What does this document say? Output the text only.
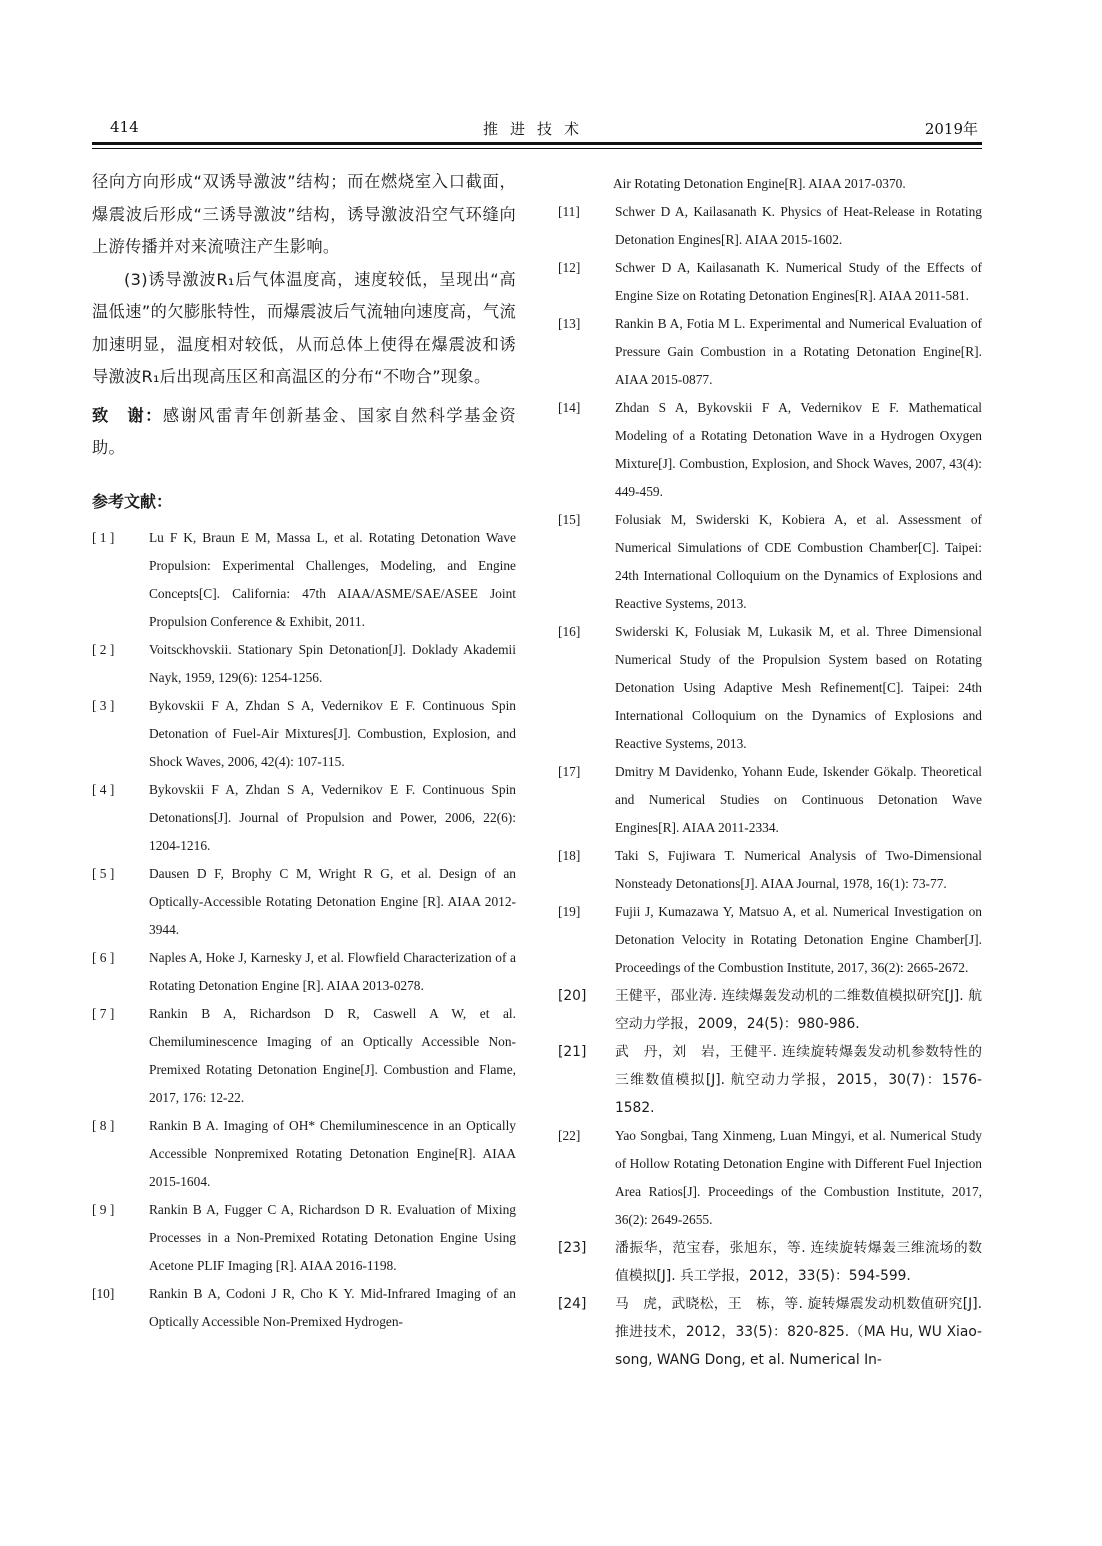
414	推进技术	2019年

径向方向形成“双诱导激波”结构；而在燃烧室入口截面，爆震波后形成“三诱导激波”结构，诱导激波沿空气环缝向上游传播并对来流喷注产生影响。

(3)诱导激波R₁后气体温度高，速度较低，呈现出“高温低速”的欠膨胀特性，而爆震波后气流轴向速度高，气流加速明显，温度相对较低，从而总体上使得在爆震波和诱导激波R₁后出现高压区和高温区的分布“不吻合”现象。

致　谢：感谢风雷青年创新基金、国家自然科学基金资助。

参考文献：

[ 1 ]	Lu F K, Braun E M, Massa L, et al. Rotating Detonation Wave Propulsion: Experimental Challenges, Modeling, and Engine Concepts[C]. California: 47th AIAA/ASME/SAE/ASEE Joint Propulsion Conference & Exhibit, 2011.

[ 2 ]	Voitsckhovskii. Stationary Spin Detonation[J]. Doklady Akademii Nayk, 1959, 129(6): 1254-1256.

[ 3 ]	Bykovskii F A, Zhdan S A, Vedernikov E F. Continuous Spin Detonation of Fuel-Air Mixtures[J]. Combustion, Explosion, and Shock Waves, 2006, 42(4): 107-115.

[ 4 ]	Bykovskii F A, Zhdan S A, Vedernikov E F. Continuous Spin Detonations[J]. Journal of Propulsion and Power, 2006, 22(6): 1204-1216.

[ 5 ]	Dausen D F, Brophy C M, Wright R G, et al. Design of an Optically-Accessible Rotating Detonation Engine [R]. AIAA 2012-3944.

[ 6 ]	Naples A, Hoke J, Karnesky J, et al. Flowfield Characterization of a Rotating Detonation Engine [R]. AIAA 2013-0278.

[ 7 ]	Rankin B A, Richardson D R, Caswell A W, et al. Chemiluminescence Imaging of an Optically Accessible Non-Premixed Rotating Detonation Engine[J]. Combustion and Flame, 2017, 176: 12-22.

[ 8 ]	Rankin B A. Imaging of OH* Chemiluminescence in an Optically Accessible Nonpremixed Rotating Detonation Engine[R]. AIAA 2015-1604.

[ 9 ]	Rankin B A, Fugger C A, Richardson D R. Evaluation of Mixing Processes in a Non-Premixed Rotating Detonation Engine Using Acetone PLIF Imaging [R]. AIAA 2016-1198.

[10]	Rankin B A, Codoni J R, Cho K Y. Mid-Infrared Imaging of an Optically Accessible Non-Premixed Hydrogen-

Air Rotating Detonation Engine[R]. AIAA 2017-0370.

[11]	Schwer D A, Kailasanath K. Physics of Heat-Release in Rotating Detonation Engines[R]. AIAA 2015-1602.

[12]	Schwer D A, Kailasanath K. Numerical Study of the Effects of Engine Size on Rotating Detonation Engines[R]. AIAA 2011-581.

[13]	Rankin B A, Fotia M L. Experimental and Numerical Evaluation of Pressure Gain Combustion in a Rotating Detonation Engine[R]. AIAA 2015-0877.

[14]	Zhdan S A, Bykovskii F A, Vedernikov E F. Mathematical Modeling of a Rotating Detonation Wave in a Hydrogen Oxygen Mixture[J]. Combustion, Explosion, and Shock Waves, 2007, 43(4): 449-459.

[15]	Folusiak M, Swiderski K, Kobiera A, et al. Assessment of Numerical Simulations of CDE Combustion Chamber[C]. Taipei: 24th International Colloquium on the Dynamics of Explosions and Reactive Systems, 2013.

[16]	Swiderski K, Folusiak M, Lukasik M, et al. Three Dimensional Numerical Study of the Propulsion System based on Rotating Detonation Using Adaptive Mesh Refinement[C]. Taipei: 24th International Colloquium on the Dynamics of Explosions and Reactive Systems, 2013.

[17]	Dmitry M Davidenko, Yohann Eude, Iskender Gökalp. Theoretical and Numerical Studies on Continuous Detonation Wave Engines[R]. AIAA 2011-2334.

[18]	Taki S, Fujiwara T. Numerical Analysis of Two-Dimensional Nonsteady Detonations[J]. AIAA Journal, 1978, 16(1): 73-77.

[19]	Fujii J, Kumazawa Y, Matsuo A, et al. Numerical Investigation on Detonation Velocity in Rotating Detonation Engine Chamber[J]. Proceedings of the Combustion Institute, 2017, 36(2): 2665-2672.

[20]	王健平，邵业涛. 连续爆轰发动机的二维数值模拟研究[J]. 航空动力学报，2009，24(5)：980-986.

[21]	武　丹，刘　岩，王健平. 连续旋转爆轰发动机参数特性的三维数值模拟[J]. 航空动力学报，2015，30(7)：1576-1582.

[22]	Yao Songbai, Tang Xinmeng, Luan Mingyi, et al. Numerical Study of Hollow Rotating Detonation Engine with Different Fuel Injection Area Ratios[J]. Proceedings of the Combustion Institute, 2017, 36(2): 2649-2655.

[23]	潘振华，范宝春，张旭东，等. 连续旋转爆轰三维流场的数值模拟[J]. 兵工学报，2012，33(5)：594-599.

[24]	马　虎，武晓松，王　栋，等. 旋转爆震发动机数值研究[J]. 推进技术，2012，33(5)：820-825.（MA Hu, WU Xiao-song, WANG Dong, et al. Numerical In-
